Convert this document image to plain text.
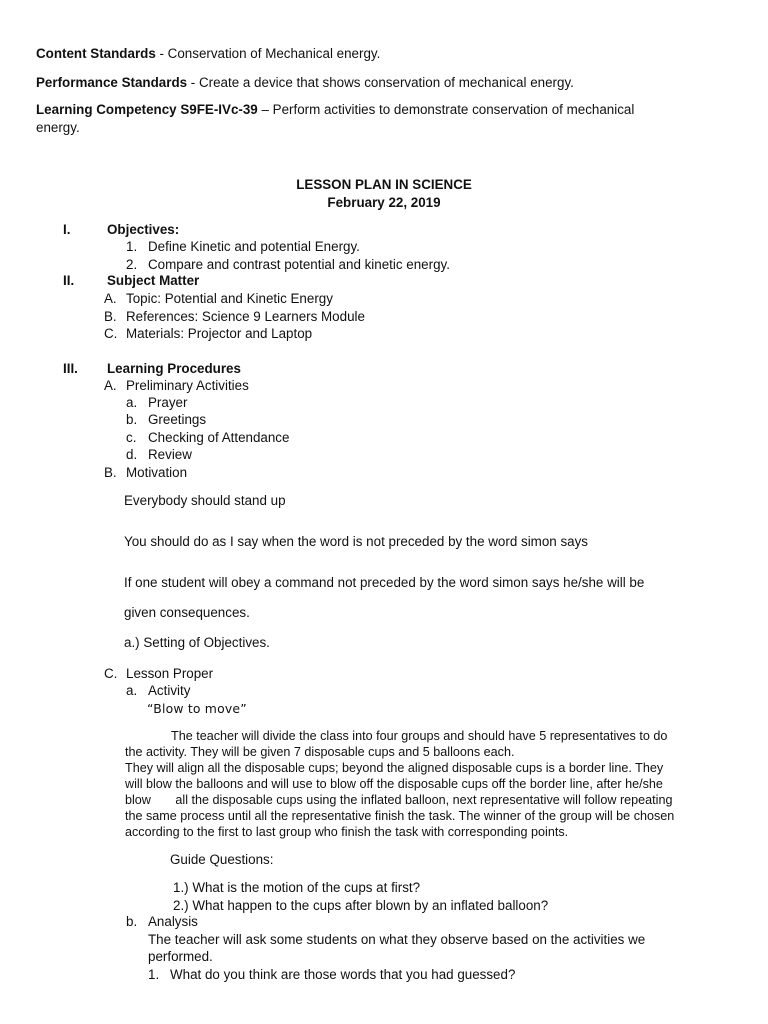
Content Standards - Conservation of Mechanical energy.
Performance Standards - Create a device that shows conservation of mechanical energy.
Learning Competency S9FE-IVc-39 – Perform activities to demonstrate conservation of mechanical
energy.
LESSON PLAN IN SCIENCE
February 22, 2019
I.	Objectives:
1. Define Kinetic and potential Energy.
2. Compare and contrast potential and kinetic energy.
II. Subject Matter
A. Topic: Potential and Kinetic Energy
B. References: Science 9 Learners Module
C. Materials: Projector and Laptop
III. Learning Procedures
A. Preliminary Activities
a. Prayer
b. Greetings
c. Checking of Attendance
d. Review
B. Motivation
Everybody should stand up
You should do as I say when the word is not preceded by the word simon says
If one student will obey a command not preceded by the word simon says he/she will be
given consequences.
a.) Setting of Objectives.
C. Lesson Proper
a. Activity
“Blow to move”
The teacher will divide the class into four groups and should have 5 representatives to do
the activity. They will be given 7 disposable cups and 5 balloons each.
They will align all the disposable cups; beyond the aligned disposable cups is a border line. They
will blow the balloons and will use to blow off the disposable cups off the border line, after he/she
blow       all the disposable cups using the inflated balloon, next representative will follow repeating
the same process until all the representative finish the task. The winner of the group will be chosen
according to the first to last group who finish the task with corresponding points.
Guide Questions:
1.) What is the motion of the cups at first?
2.) What happen to the cups after blown by an inflated balloon?
b. Analysis
The teacher will ask some students on what they observe based on the activities we
performed.
1. What do you think are those words that you had guessed?
